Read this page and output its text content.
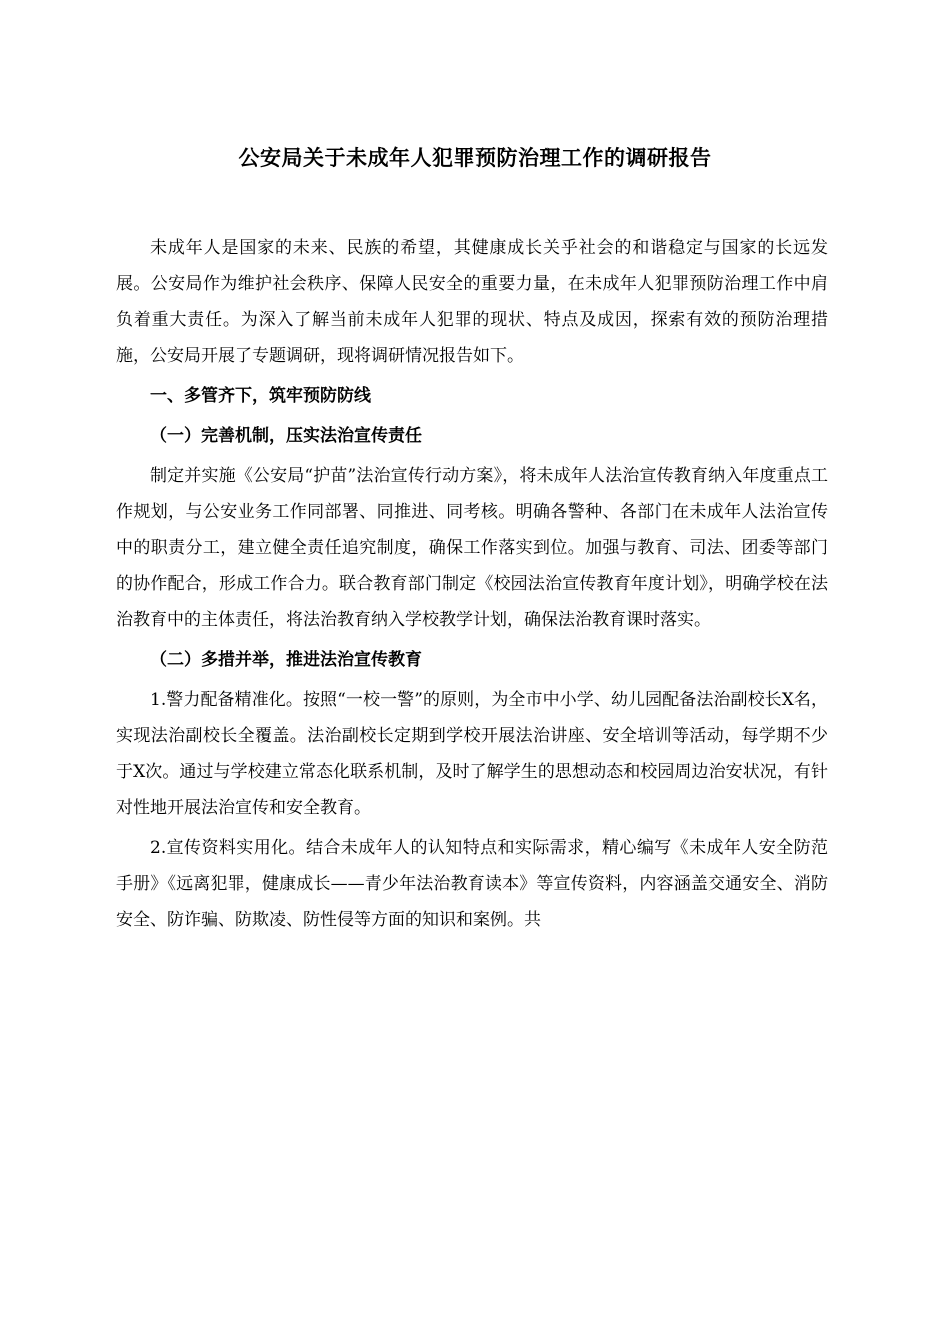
公安局关于未成年人犯罪预防治理工作的调研报告

未成年人是国家的未来、民族的希望，其健康成长关乎社会的和谐稳定与国家的长远发展。公安局作为维护社会秩序、保障人民安全的重要力量，在未成年人犯罪预防治理工作中肩负着重大责任。为深入了解当前未成年人犯罪的现状、特点及成因，探索有效的预防治理措施，公安局开展了专题调研，现将调研情况报告如下。

一、多管齐下，筑牢预防防线

（一）完善机制，压实法治宣传责任

制定并实施《公安局“护苗”法治宣传行动方案》，将未成年人法治宣传教育纳入年度重点工作规划，与公安业务工作同部署、同推进、同考核。明确各警种、各部门在未成年人法治宣传中的职责分工，建立健全责任追究制度，确保工作落实到位。加强与教育、司法、团委等部门的协作配合，形成工作合力。联合教育部门制定《校园法治宣传教育年度计划》，明确学校在法治教育中的主体责任，将法治教育纳入学校教学计划，确保法治教育课时落实。

（二）多措并举，推进法治宣传教育

1.警力配备精准化。按照“一校一警”的原则，为全市中小学、幼儿园配备法治副校长X名，实现法治副校长全覆盖。法治副校长定期到学校开展法治讲座、安全培训等活动，每学期不少于X次。通过与学校建立常态化联系机制，及时了解学生的思想动态和校园周边治安状况，有针对性地开展法治宣传和安全教育。

2.宣传资料实用化。结合未成年人的认知特点和实际需求，精心编写《未成年人安全防范手册》《远离犯罪，健康成长——青少年法治教育读本》等宣传资料，内容涵盖交通安全、消防安全、防诈骗、防欺凌、防性侵等方面的知识和案例。共
